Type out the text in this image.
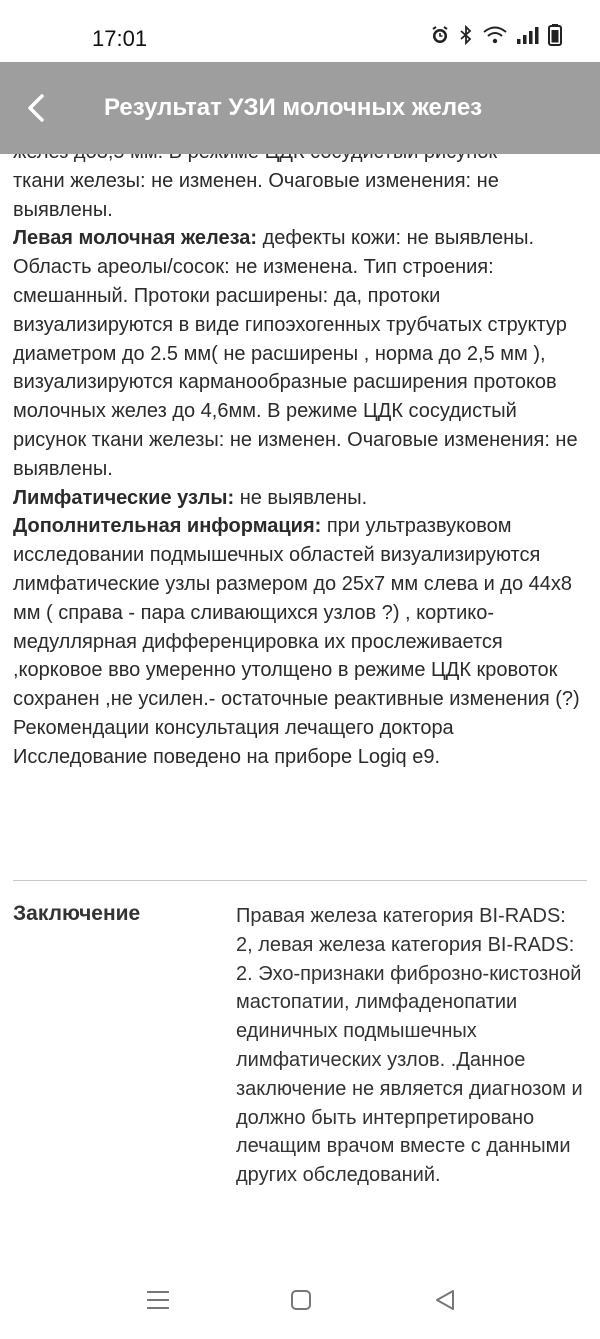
17:01

ткани железы: не изменен. Очаговые изменения: не выявлены.

Левая молочная железа: дефекты кожи: не выявлены. Область ареолы/сосок: не изменена. Тип строения: смешанный. Протоки расширены: да, протоки визуализируются в виде гипоэхогенных трубчатых структур диаметром до 2.5 мм( не расширены , норма до 2,5 мм ), визуализируются карманообразные расширения протоков молочных желез до 4,6мм. В режиме ЦДК сосудистый рисунок ткани железы: не изменен. Очаговые изменения: не выявлены.

Лимфатические узлы: не выявлены.

Дополнительная информация: при ультразвуковом исследовании подмышечных областей визуализируются лимфатические узлы размером до 25х7 мм слева и до 44х8 мм ( справа - пара сливающихся узлов ?) , кортико-медуллярная дифференцировка их прослеживается ,корковое вво умеренно утолщено в режиме ЦДК кровоток сохранен ,не усилен.- остаточные реактивные изменения (?) Рекомендации консультация лечащего доктора Исследование поведено на приборе Logiq e9.

Результат УЗИ молочных желез
Заключение	Правая железа категория BI-RADS: 2, левая железа категория BI-RADS: 2. Эхо-признаки фиброзно-кистозной мастопатии, лимфаденопатии единичных подмышечных лимфатических узлов. .Данное заключение не является диагнозом и должно быть интерпретировано лечащим врачом вместе с данными других обследований.
